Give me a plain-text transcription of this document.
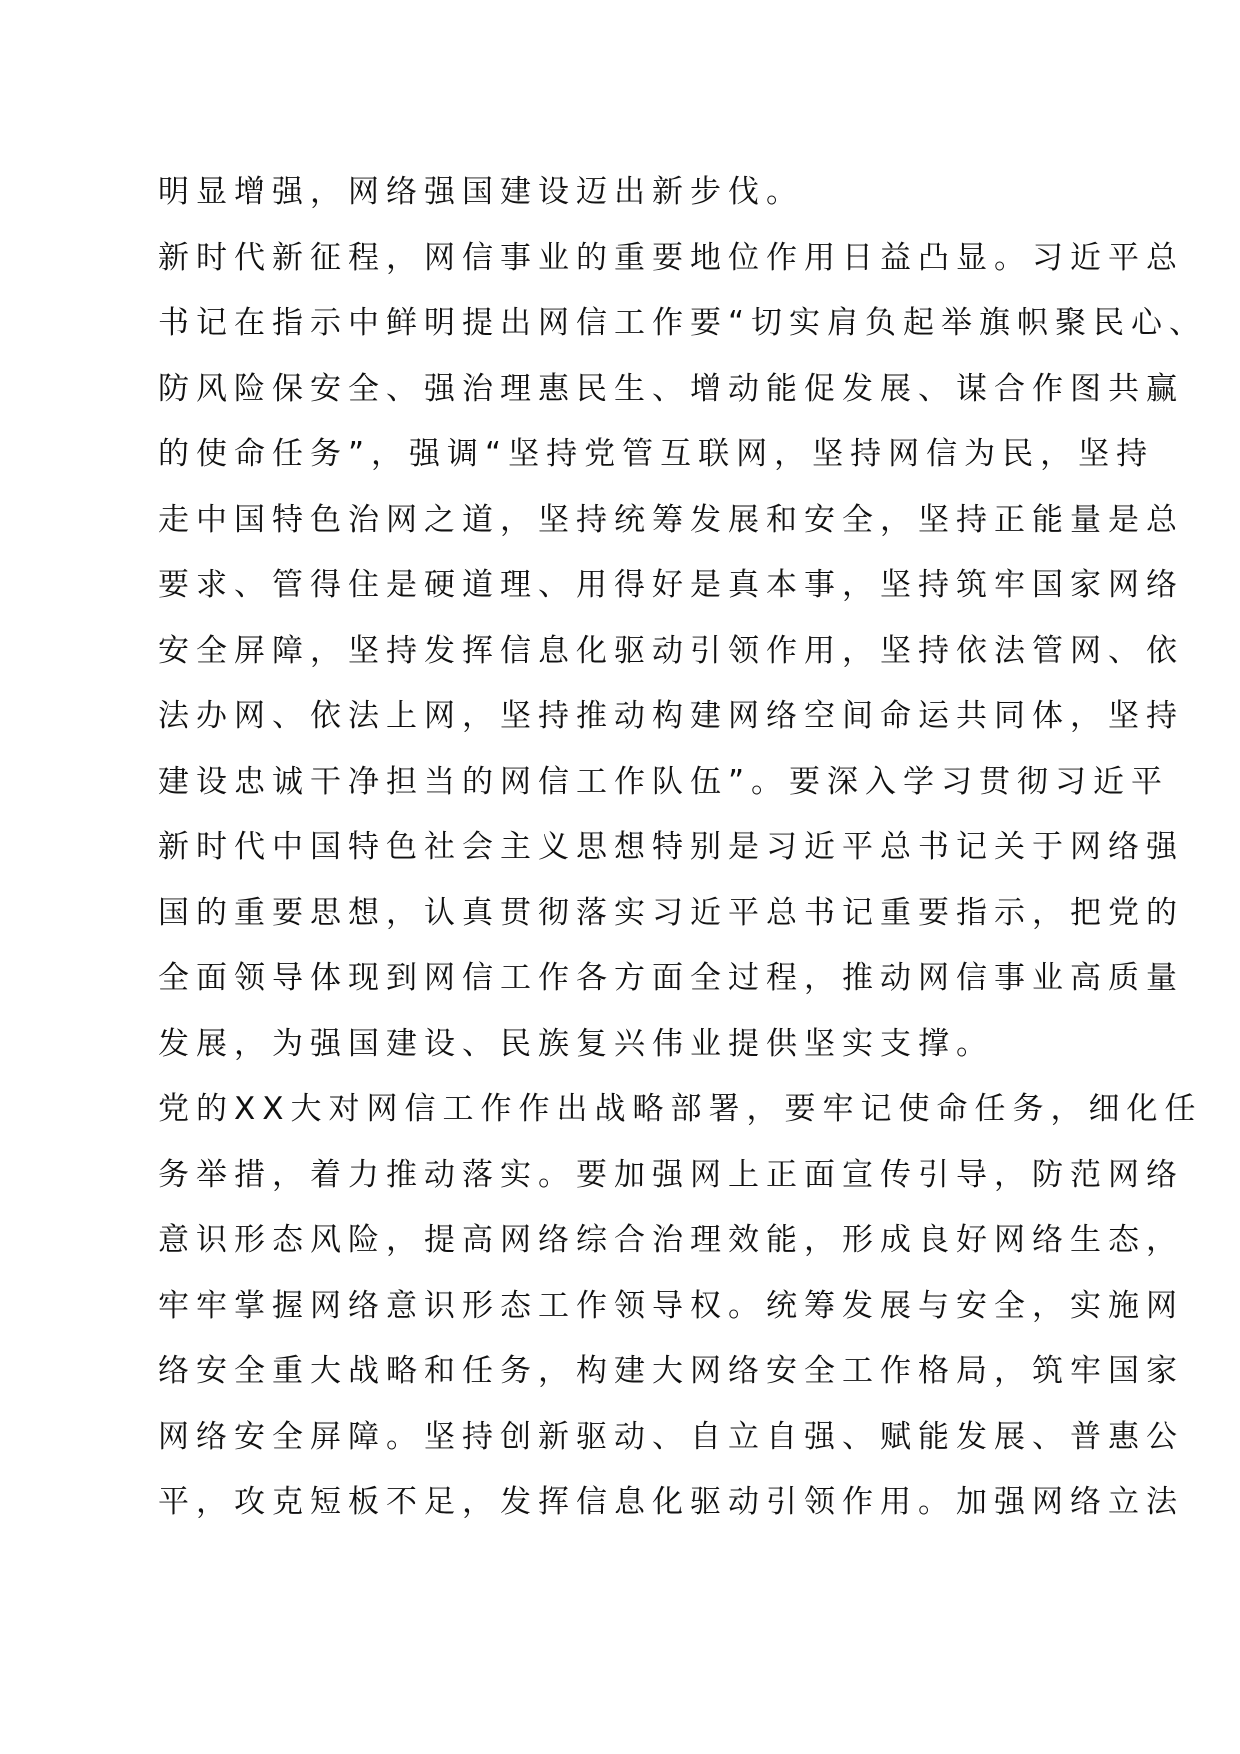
明显增强，网络强国建设迈出新步伐。
新时代新征程，网信事业的重要地位作用日益凸显。习近平总
书记在指示中鲜明提出网信工作要“切实肩负起举旗帜聚民心、
防风险保安全、强治理惠民生、增动能促发展、谋合作图共赢
的使命任务”，强调“坚持党管互联网，坚持网信为民，坚持
走中国特色治网之道，坚持统筹发展和安全，坚持正能量是总
要求、管得住是硬道理、用得好是真本事，坚持筑牢国家网络
安全屏障，坚持发挥信息化驱动引领作用，坚持依法管网、依
法办网、依法上网，坚持推动构建网络空间命运共同体，坚持
建设忠诚干净担当的网信工作队伍”。要深入学习贯彻习近平
新时代中国特色社会主义思想特别是习近平总书记关于网络强
国的重要思想，认真贯彻落实习近平总书记重要指示，把党的
全面领导体现到网信工作各方面全过程，推动网信事业高质量
发展，为强国建设、民族复兴伟业提供坚实支撑。
党的XX大对网信工作作出战略部署，要牢记使命任务，细化任
务举措，着力推动落实。要加强网上正面宣传引导，防范网络
意识形态风险，提高网络综合治理效能，形成良好网络生态，
牢牢掌握网络意识形态工作领导权。统筹发展与安全，实施网
络安全重大战略和任务，构建大网络安全工作格局，筑牢国家
网络安全屏障。坚持创新驱动、自立自强、赋能发展、普惠公
平，攻克短板不足，发挥信息化驱动引领作用。加强网络立法
